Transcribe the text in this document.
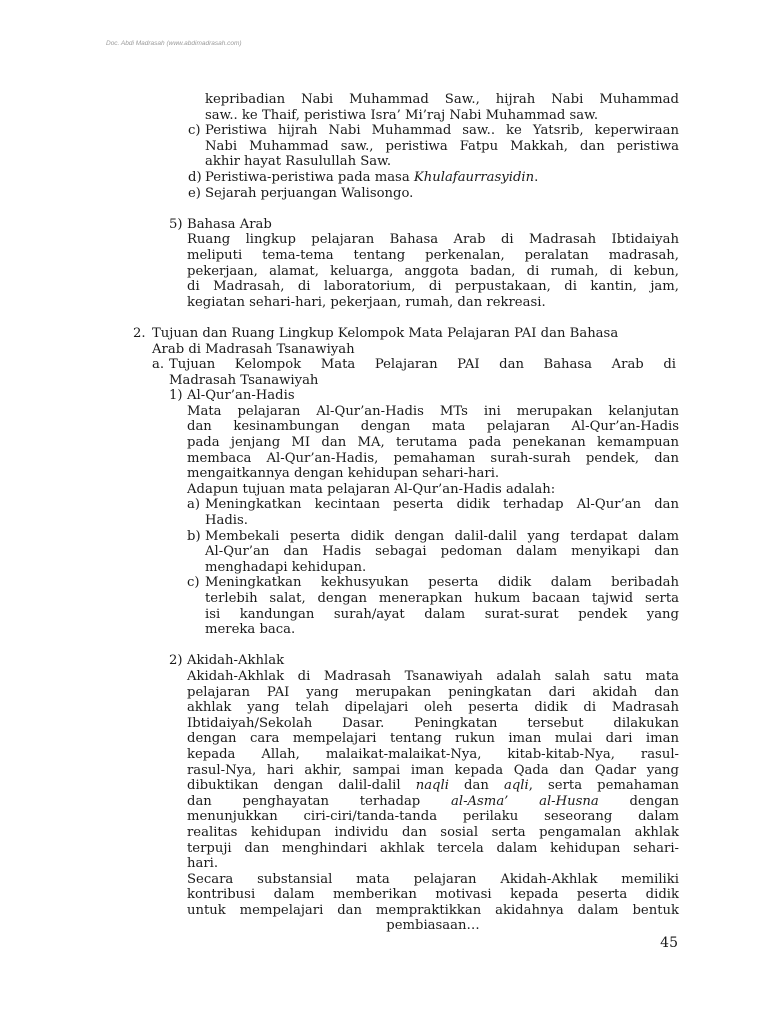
Doc. Abdi Madrasah (www.abdimadrasah.com)
kepribadian Nabi Muhammad Saw., hijrah Nabi Muhammad
saw.. ke Thaif, peristiwa Isra’ Mi’raj Nabi Muhammad saw.
c) Peristiwa hijrah Nabi Muhammad saw.. ke Yatsrib, keperwiraan
Nabi Muhammad saw., peristiwa Fatpu Makkah, dan peristiwa
akhir hayat Rasulullah Saw.
d) Peristiwa-peristiwa pada masa Khulafaurrasyidin.
e) Sejarah perjuangan Walisongo.
5) Bahasa Arab
Ruang lingkup pelajaran Bahasa Arab di Madrasah Ibtidaiyah
meliputi tema-tema tentang perkenalan, peralatan madrasah,
pekerjaan, alamat, keluarga, anggota badan, di rumah, di kebun,
di Madrasah, di laboratorium, di perpustakaan, di kantin, jam,
kegiatan sehari-hari, pekerjaan, rumah, dan rekreasi.
2. Tujuan dan Ruang Lingkup Kelompok Mata Pelajaran PAI dan Bahasa
Arab di Madrasah Tsanawiyah
a. Tujuan Kelompok Mata Pelajaran PAI dan Bahasa Arab di
Madrasah Tsanawiyah
1) Al-Qur’an-Hadis
Mata pelajaran Al-Qur’an-Hadis MTs ini merupakan kelanjutan
dan kesinambungan dengan mata pelajaran Al-Qur’an-Hadis
pada jenjang MI dan MA, terutama pada penekanan kemampuan
membaca Al-Qur’an-Hadis, pemahaman surah-surah pendek, dan
mengaitkannya dengan kehidupan sehari-hari.
Adapun tujuan mata pelajaran Al-Qur’an-Hadis adalah:
a) Meningkatkan kecintaan peserta didik terhadap Al-Qur’an dan
Hadis.
b) Membekali peserta didik dengan dalil-dalil yang terdapat dalam
Al-Qur’an dan Hadis sebagai pedoman dalam menyikapi dan
menghadapi kehidupan.
c) Meningkatkan kekhusyukan peserta didik dalam beribadah
terlebih salat, dengan menerapkan hukum bacaan tajwid serta
isi kandungan surah/ayat dalam surat-surat pendek yang
mereka baca.
2) Akidah-Akhlak
Akidah-Akhlak di Madrasah Tsanawiyah adalah salah satu mata
pelajaran PAI yang merupakan peningkatan dari akidah dan
akhlak yang telah dipelajari oleh peserta didik di Madrasah
Ibtidaiyah/Sekolah Dasar. Peningkatan tersebut dilakukan
dengan cara mempelajari tentang rukun iman mulai dari iman
kepada Allah, malaikat-malaikat-Nya, kitab-kitab-Nya, rasul-
rasul-Nya, hari akhir, sampai iman kepada Qada dan Qadar yang
dibuktikan dengan dalil-dalil naqli dan aqli, serta pemahaman
dan penghayatan terhadap al-Asma’ al-Husna dengan
menunjukkan ciri-ciri/tanda-tanda perilaku seseorang dalam
realitas kehidupan individu dan sosial serta pengamalan akhlak
terpuji dan menghindari akhlak tercela dalam kehidupan sehari-
hari.
Secara substansial mata pelajaran Akidah-Akhlak memiliki
kontribusi dalam memberikan motivasi kepada peserta didik
untuk mempelajari dan mempraktikkan akidahnya dalam bentuk
pembiasaan…
45
